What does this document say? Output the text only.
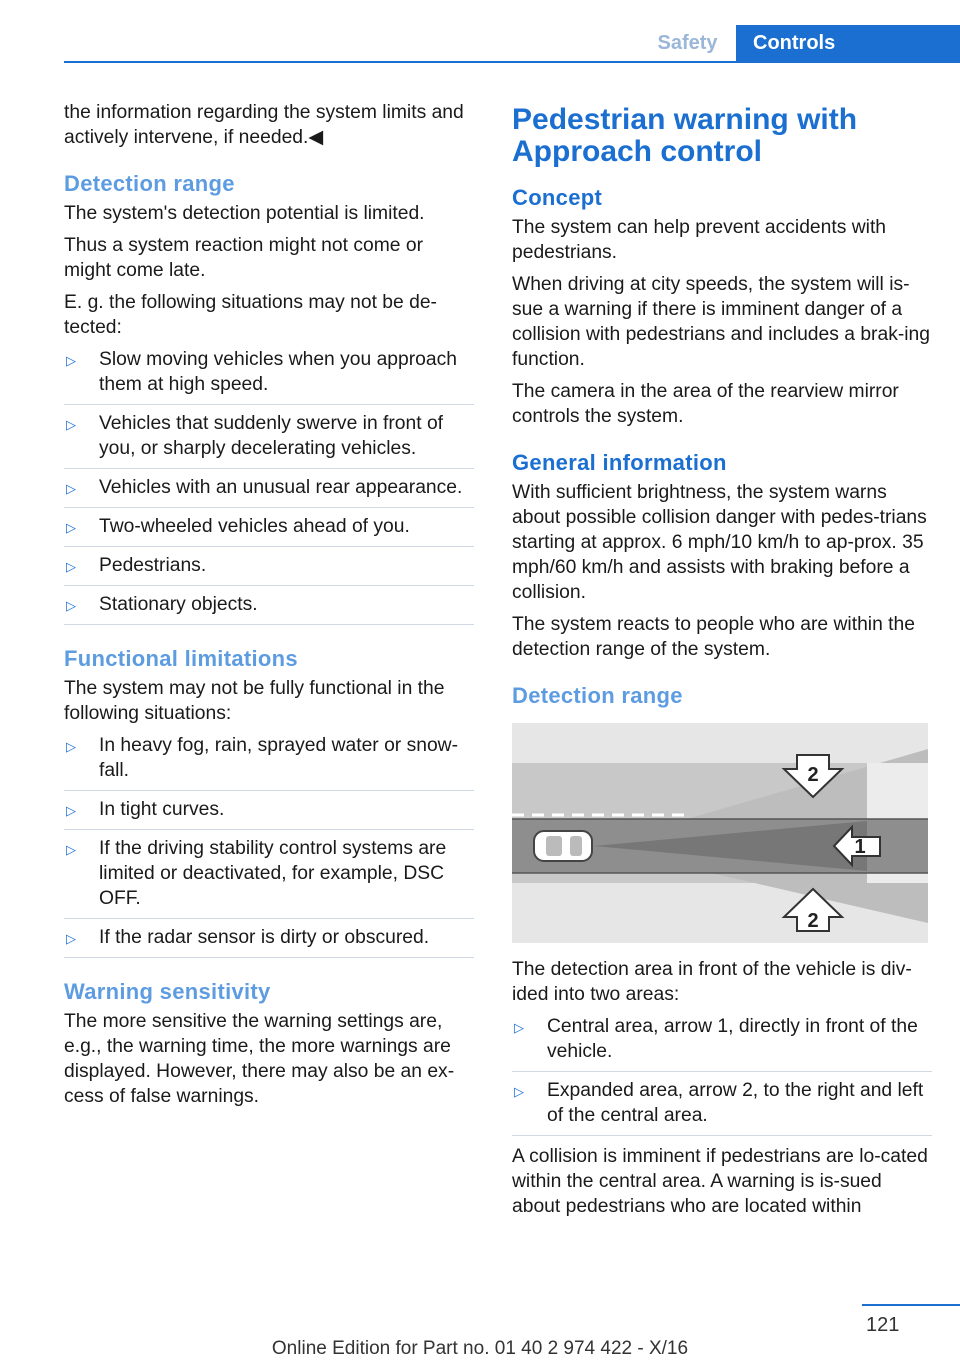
Safety	Controls

the information regarding the system limits and actively intervene, if needed.◀

Detection range

The system's detection potential is limited.

Thus a system reaction might not come or might come late.

E. g. the following situations may not be de‐tected:

▷ Slow moving vehicles when you approach them at high speed.
▷ Vehicles that suddenly swerve in front of you, or sharply decelerating vehicles.
▷ Vehicles with an unusual rear appearance.
▷ Two-wheeled vehicles ahead of you.
▷ Pedestrians.
▷ Stationary objects.
Functional limitations

The system may not be fully functional in the following situations:

▷ In heavy fog, rain, sprayed water or snow‐fall.
▷ In tight curves.
▷ If the driving stability control systems are limited or deactivated, for example, DSC OFF.
▷ If the radar sensor is dirty or obscured.
Warning sensitivity

The more sensitive the warning settings are, e.g., the warning time, the more warnings are displayed. However, there may also be an ex‐cess of false warnings.

Pedestrian warning with Approach control
Concept

The system can help prevent accidents with pedestrians.

When driving at city speeds, the system will is‐sue a warning if there is imminent danger of a collision with pedestrians and includes a brak‐ing function.

The camera in the area of the rearview mirror controls the system.

General information

With sufficient brightness, the system warns about possible collision danger with pedes‐trians starting at approx. 6 mph/10 km/h to ap‐prox. 35 mph/60 km/h and assists with braking before a collision.

The system reacts to people who are within the detection range of the system.

Detection range
2
1
2

The detection area in front of the vehicle is div‐ided into two areas:

▷ Central area, arrow 1, directly in front of the vehicle.
▷ Expanded area, arrow 2, to the right and left of the central area.

A collision is imminent if pedestrians are lo‐cated within the central area. A warning is is‐sued about pedestrians who are located within

121
Online Edition for Part no. 01 40 2 974 422 - X/16
